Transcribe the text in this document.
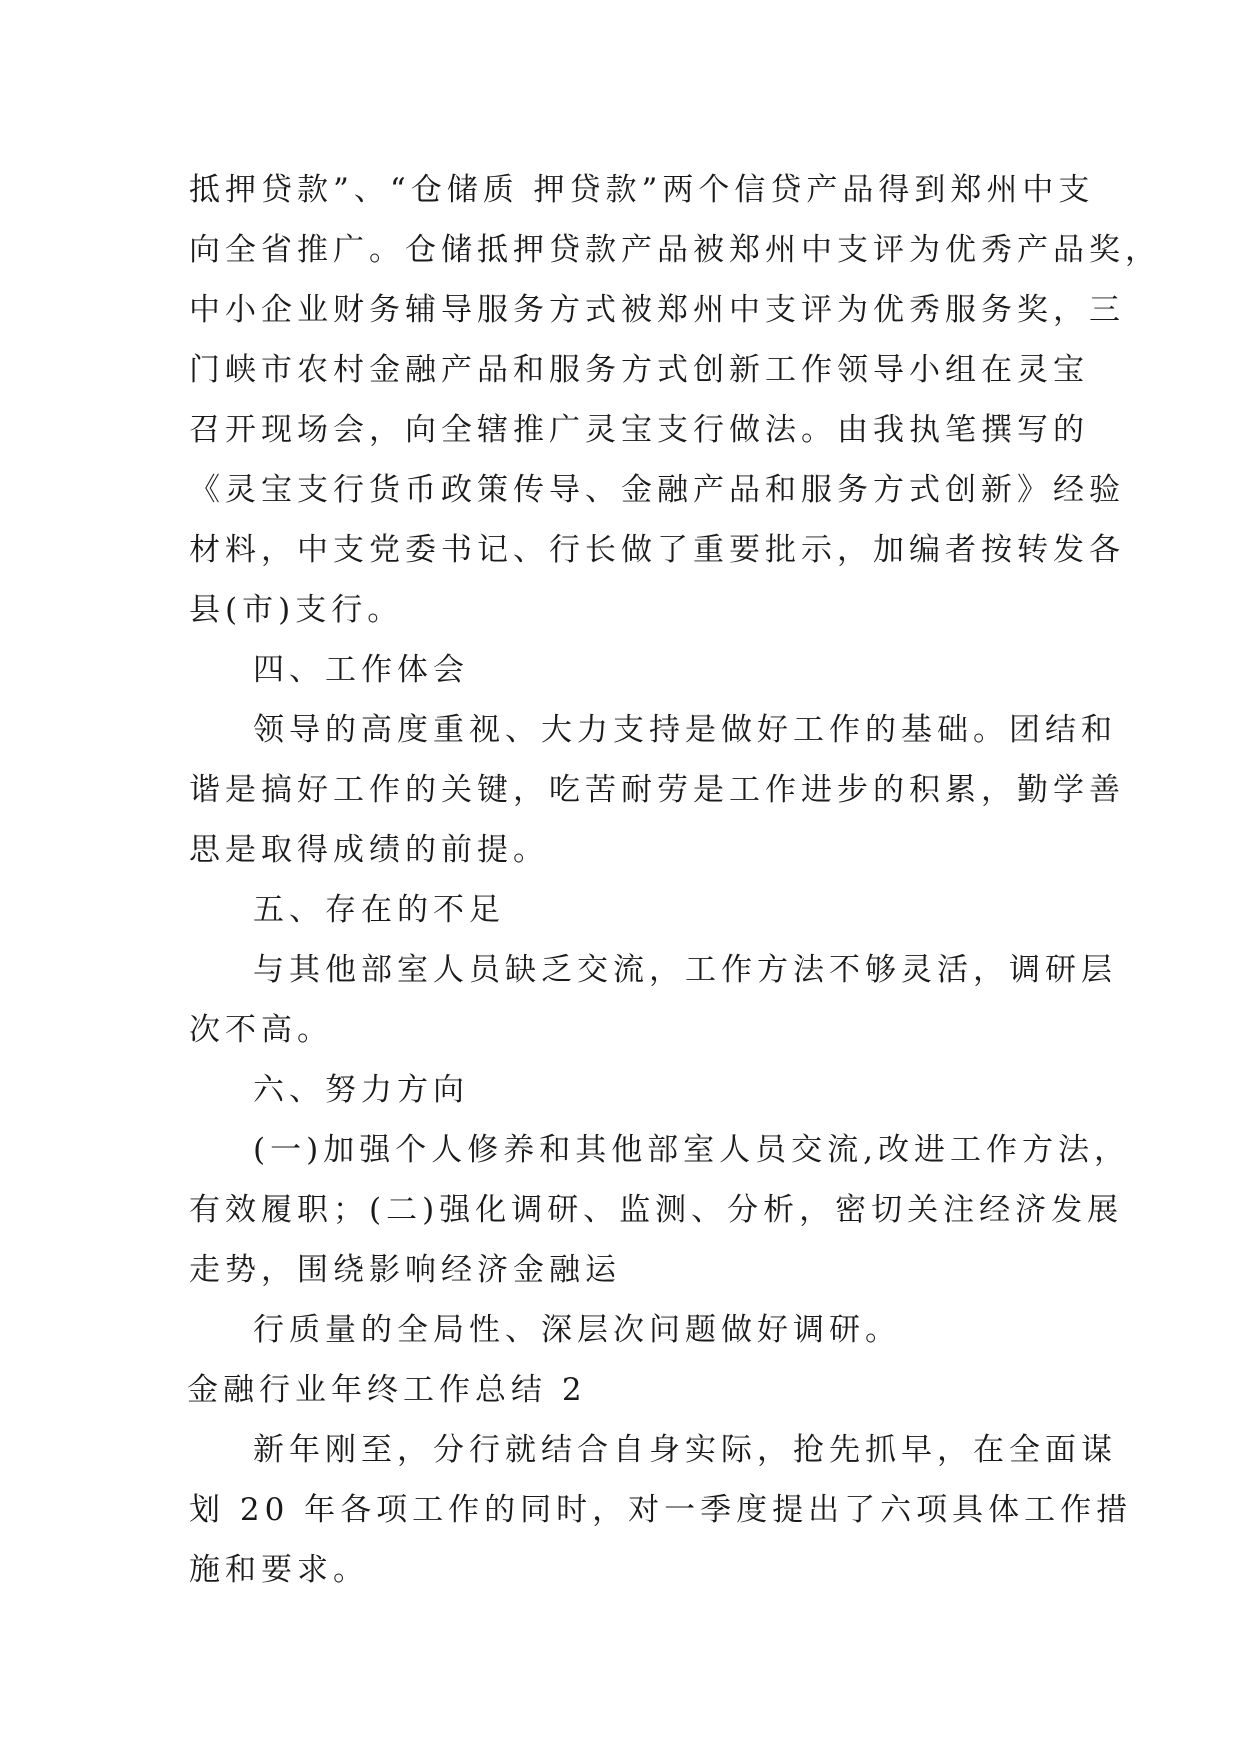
抵押贷款”、“仓储质 押贷款”两个信贷产品得到郑州中支
向全省推广。仓储抵押贷款产品被郑州中支评为优秀产品奖，
中小企业财务辅导服务方式被郑州中支评为优秀服务奖，三
门峡市农村金融产品和服务方式创新工作领导小组在灵宝
召开现场会，向全辖推广灵宝支行做法。由我执笔撰写的
《灵宝支行货币政策传导、金融产品和服务方式创新》经验
材料，中支党委书记、行长做了重要批示，加编者按转发各
县(市)支行。
四、工作体会
领导的高度重视、大力支持是做好工作的基础。团结和
谐是搞好工作的关键，吃苦耐劳是工作进步的积累，勤学善
思是取得成绩的前提。
五、存在的不足
与其他部室人员缺乏交流，工作方法不够灵活，调研层
次不高。
六、努力方向
(一)加强个人修养和其他部室人员交流,改进工作方法，
有效履职；(二)强化调研、监测、分析，密切关注经济发展
走势，围绕影响经济金融运
行质量的全局性、深层次问题做好调研。
金融行业年终工作总结 2
新年刚至，分行就结合自身实际，抢先抓早，在全面谋
划 20 年各项工作的同时，对一季度提出了六项具体工作措
施和要求。
